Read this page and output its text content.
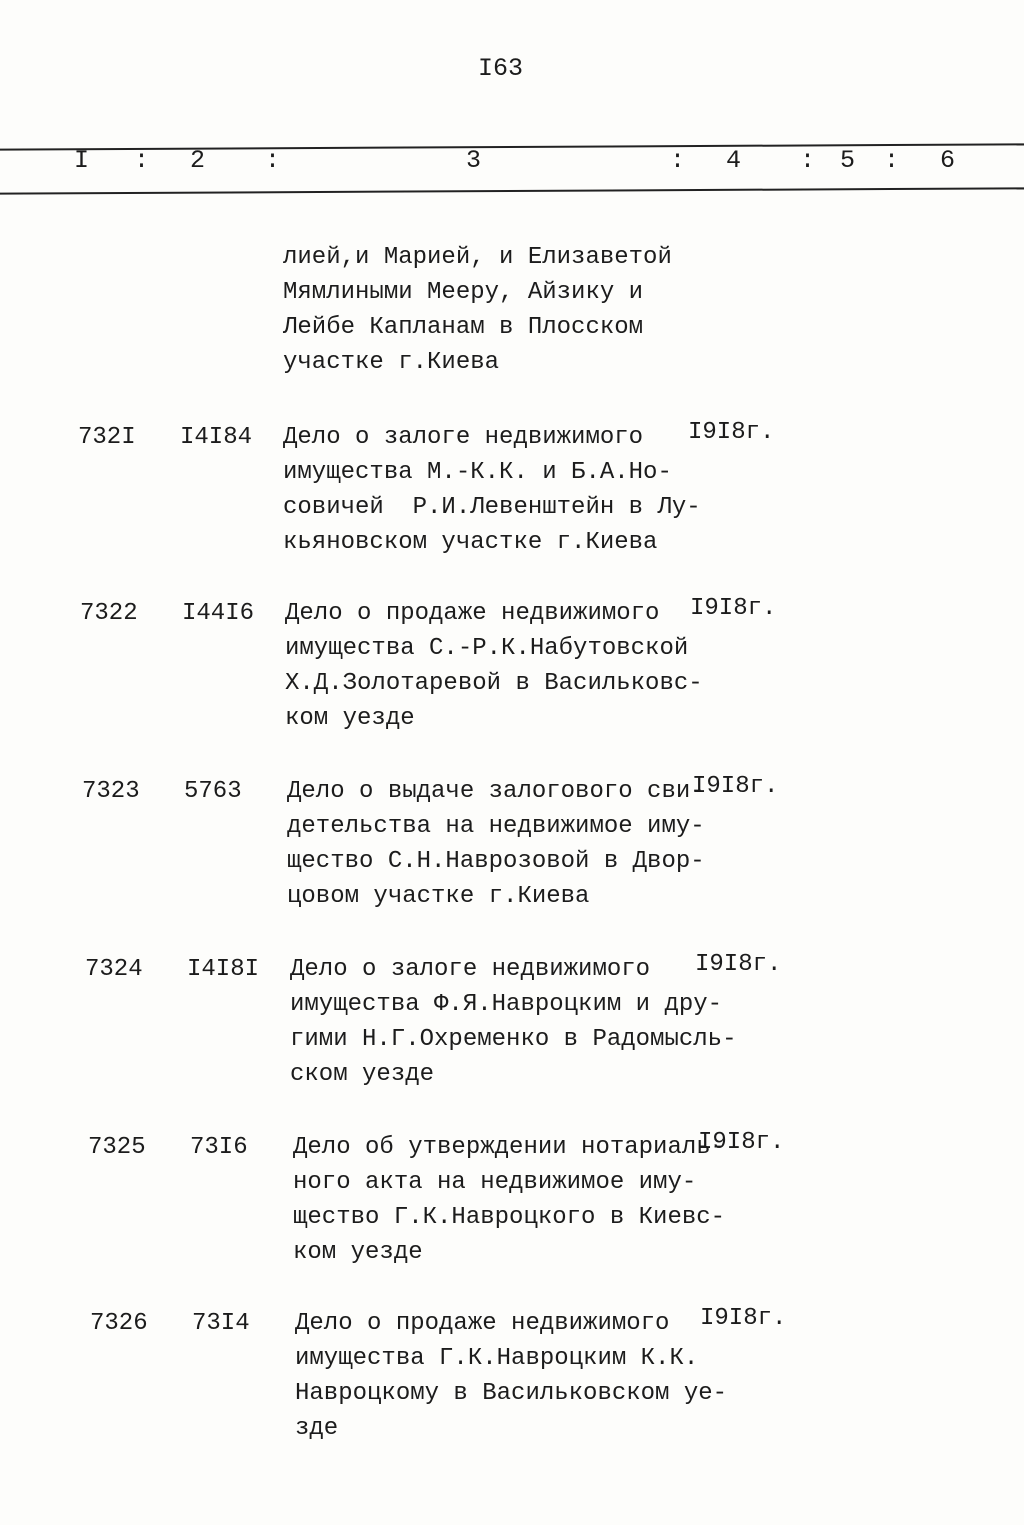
I63
I : 2 :	3	: 4 : 5 : 6
лией,и Марией, и Елизаветой
Мямлиными Мееру, Айзику и
Лейбе Капланам в Плосском
участке г.Киева
732I I4I84 Дело о залоге недвижимого
имущества М.-К.К. и Б.А.Но-
совичей  Р.И.Левенштейн в Лу-
кьяновском участке г.Киева
I9I8г.
7322 I44I6 Дело о продаже недвижимого
имущества С.-Р.К.Набутовской
Х.Д.Золотаревой в Васильковс-
ком уезде
I9I8г.
7323 5763 Дело о выдаче залогового сви-
детельства на недвижимое иму-
щество С.Н.Наврозовой в Двор-
цовом участке г.Киева
I9I8г.
7324 I4I8I Дело о залоге недвижимого
имущества Ф.Я.Навроцким и дру-
гими Н.Г.Охременко в Радомысль-
ском уезде
I9I8г.
7325 73I6 Дело об утверждении нотариаль-
ного акта на недвижимое иму-
щество Г.К.Навроцкого в Киевс-
ком уезде
I9I8г.
7326 73I4 Дело о продаже недвижимого
имущества Г.К.Навроцким К.К.
Навроцкому в Васильковском уе-
зде
I9I8г.
